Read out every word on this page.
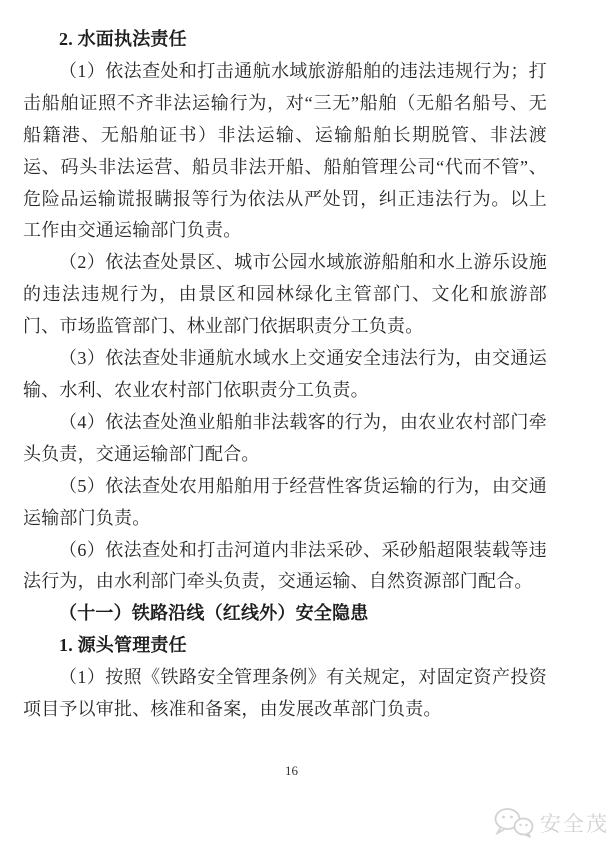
2. 水面执法责任

（1）依法查处和打击通航水域旅游船舶的违法违规行为；打击船舶证照不齐非法运输行为，对“三无”船舶（无船名船号、无船籍港、无船舶证书）非法运输、运输船舶长期脱管、非法渡运、码头非法运营、船员非法开船、船舶管理公司“代而不管”、危险品运输谎报瞒报等行为依法从严处罚，纠正违法行为。以上工作由交通运输部门负责。

（2）依法查处景区、城市公园水域旅游船舶和水上游乐设施的违法违规行为，由景区和园林绿化主管部门、文化和旅游部门、市场监管部门、林业部门依据职责分工负责。

（3）依法查处非通航水域水上交通安全违法行为，由交通运输、水利、农业农村部门依职责分工负责。

（4）依法查处渔业船舶非法载客的行为，由农业农村部门牵头负责，交通运输部门配合。

（5）依法查处农用船舶用于经营性客货运输的行为，由交通运输部门负责。

（6）依法查处和打击河道内非法采砂、采砂船超限装载等违法行为，由水利部门牵头负责，交通运输、自然资源部门配合。

（十一）铁路沿线（红线外）安全隐患

1. 源头管理责任

（1）按照《铁路安全管理条例》有关规定，对固定资产投资项目予以审批、核准和备案，由发展改革部门负责。

16
安全茂
